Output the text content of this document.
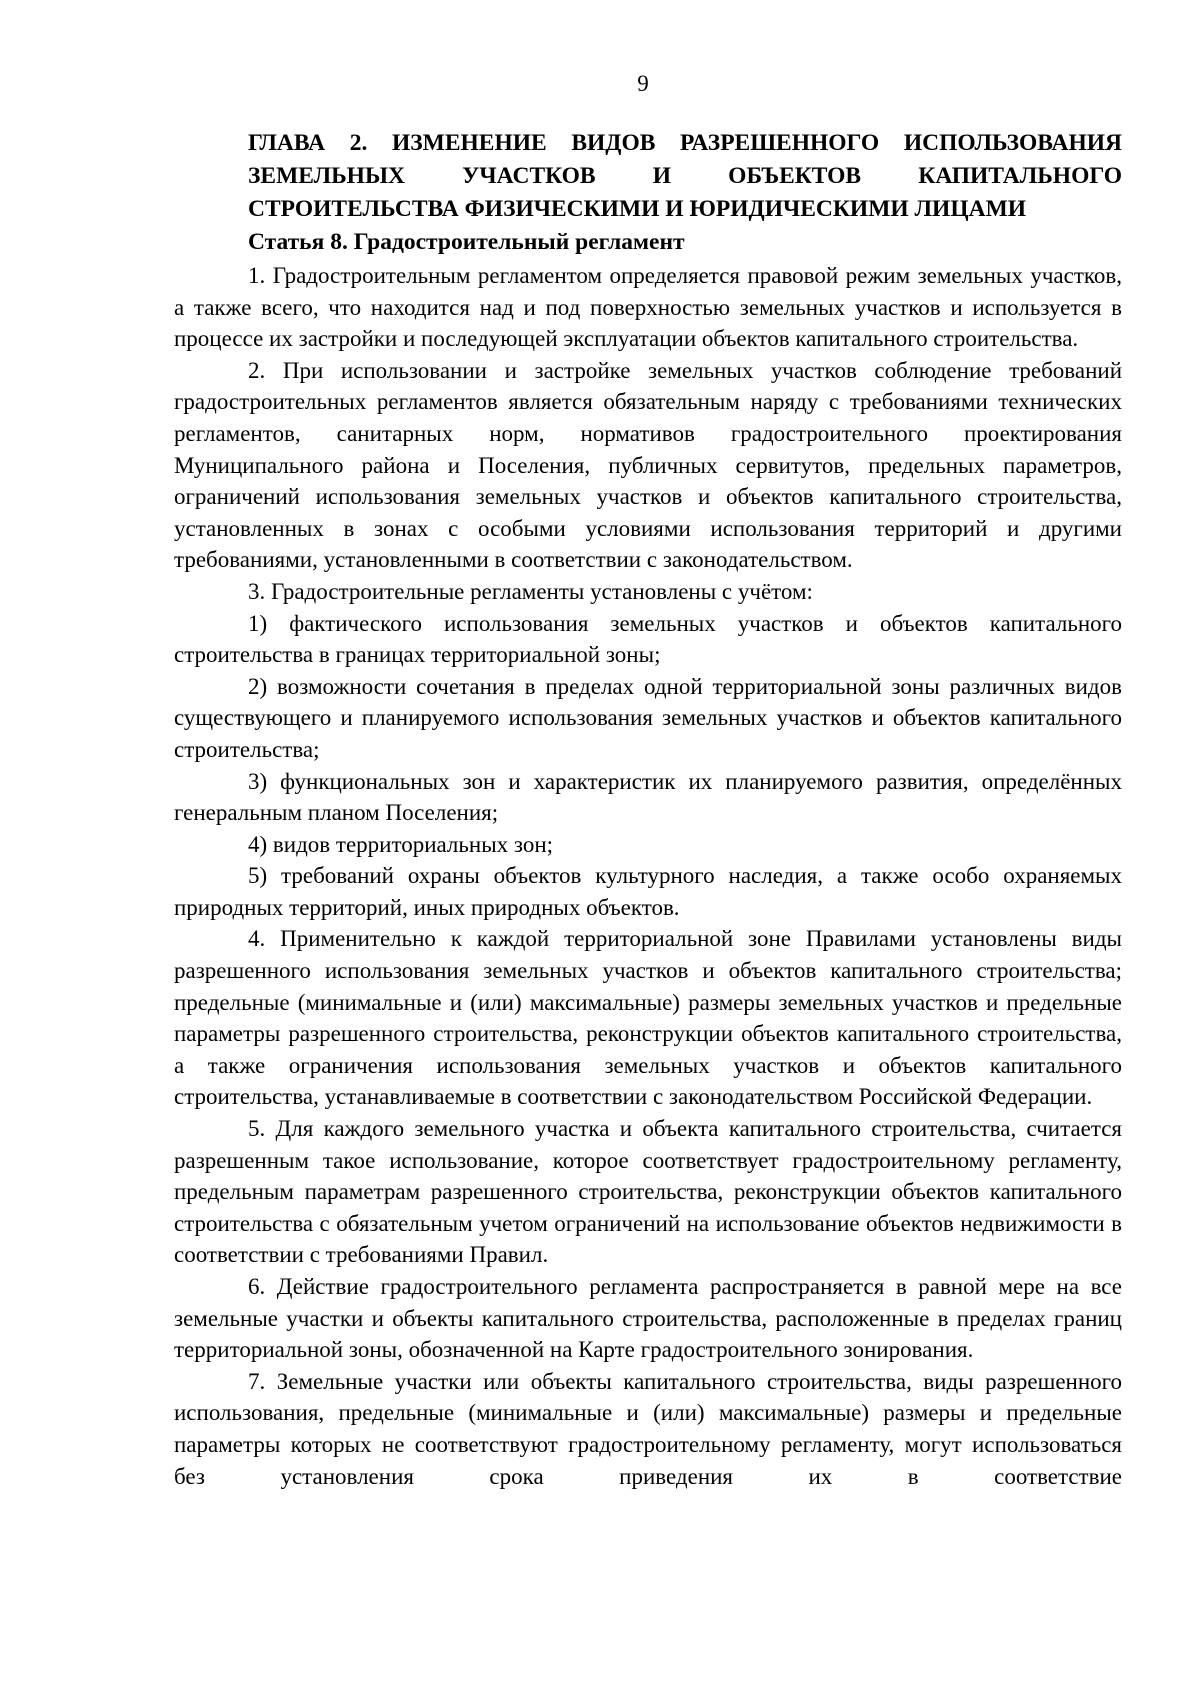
9
ГЛАВА 2. ИЗМЕНЕНИЕ ВИДОВ РАЗРЕШЕННОГО ИСПОЛЬЗОВАНИЯ ЗЕМЕЛЬНЫХ УЧАСТКОВ И ОБЪЕКТОВ КАПИТАЛЬНОГО СТРОИТЕЛЬСТВА ФИЗИЧЕСКИМИ И ЮРИДИЧЕСКИМИ ЛИЦАМИ
Статья 8. Градостроительный регламент

1. Градостроительным регламентом определяется правовой режим земельных участков, а также всего, что находится над и под поверхностью земельных участков и используется в процессе их застройки и последующей эксплуатации объектов капитального строительства.

2. При использовании и застройке земельных участков соблюдение требований градостроительных регламентов является обязательным наряду с требованиями технических регламентов, санитарных норм, нормативов градостроительного проектирования Муниципального района и Поселения, публичных сервитутов, предельных параметров, ограничений использования земельных участков и объектов капитального строительства, установленных в зонах с особыми условиями использования территорий и другими требованиями, установленными в соответствии с законодательством.

3. Градостроительные регламенты установлены с учётом:

1) фактического использования земельных участков и объектов капитального строительства в границах территориальной зоны;

2) возможности сочетания в пределах одной территориальной зоны различных видов существующего и планируемого использования земельных участков и объектов капитального строительства;

3) функциональных зон и характеристик их планируемого развития, определённых генеральным планом Поселения;

4) видов территориальных зон;

5) требований охраны объектов культурного наследия, а также особо охраняемых природных территорий, иных природных объектов.

4. Применительно к каждой территориальной зоне Правилами установлены виды разрешенного использования земельных участков и объектов капитального строительства; предельные (минимальные и (или) максимальные) размеры земельных участков и предельные параметры разрешенного строительства, реконструкции объектов капитального строительства, а также ограничения использования земельных участков и объектов капитального строительства, устанавливаемые в соответствии с законодательством Российской Федерации.

5. Для каждого земельного участка и объекта капитального строительства, считается разрешенным такое использование, которое соответствует градостроительному регламенту, предельным параметрам разрешенного строительства, реконструкции объектов капитального строительства с обязательным учетом ограничений на использование объектов недвижимости в соответствии с требованиями Правил.

6. Действие градостроительного регламента распространяется в равной мере на все земельные участки и объекты капитального строительства, расположенные в пределах границ территориальной зоны, обозначенной на Карте градостроительного зонирования.

7. Земельные участки или объекты капитального строительства, виды разрешенного использования, предельные (минимальные и (или) максимальные) размеры и предельные параметры которых не соответствуют градостроительному регламенту, могут использоваться без установления срока приведения их в соответствие
